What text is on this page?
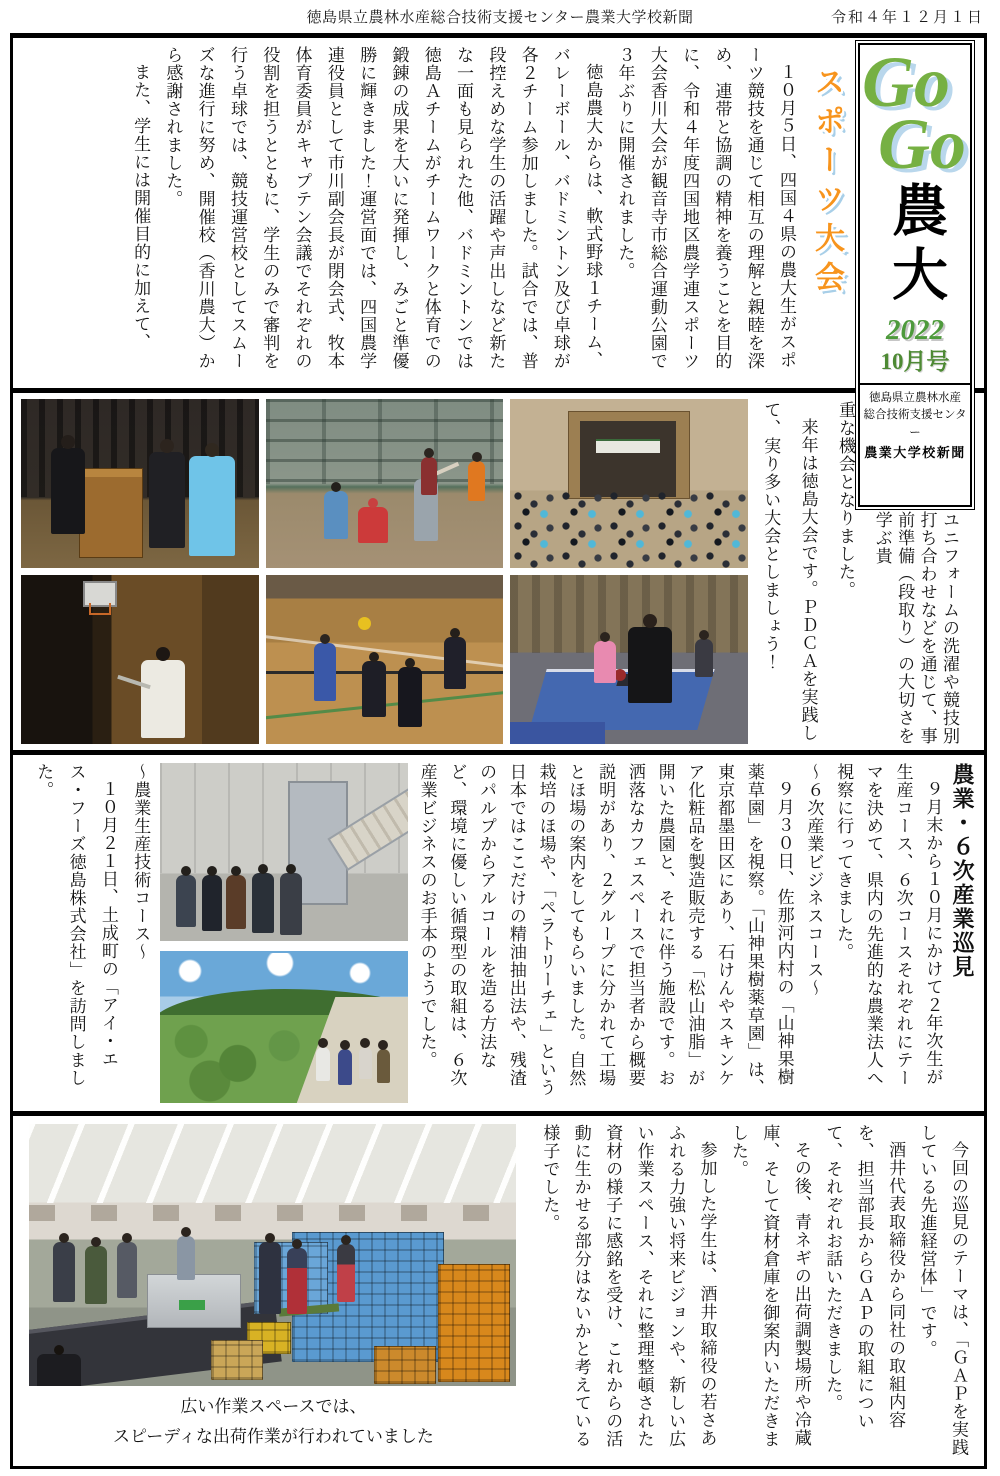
徳島県立農林水産総合技術支援センター農業大学校新聞	令和４年１２月１日
Go
Go
農大
2022
10月号
徳島県立農林水産
総合技術支援センター
農業大学校新聞

１０月５日、四国４県の農大生がスポーツ競技を通じて相互の理解と親睦を深め、連帯と協調の精神を養うことを目的に、令和４年度四国地区農学連スポーツ大会香川大会が観音寺市総合運動公園で３年ぶりに開催されました。

徳島農大からは、軟式野球１チーム、バレーボール、バドミントン及び卓球が各２チーム参加しました。試合では、普段控えめな学生の活躍や声出しなど新たな一面も見られた他、バドミントンでは徳島Ａチームがチームワークと体育での鍛錬の成果を大いに発揮し、みごと準優勝に輝きました！運営面では、四国農学連役員として市川副会長が閉会式、牧本体育委員がキャプテン会議でそれぞれの役割を担うとともに、学生のみで審判を行う卓球では、競技運営校としてスムーズな進行に努め、開催校（香川農大）から感謝されました。

また、学生には開催目的に加えて、	スポーツ大会

重な機会となりました。

来年は徳島大会です。ＰＤＣＡを実践して、実り多い大会としましょう！	ユニフォームの洗濯や競技別打ち合わせなどを通じて、事前準備（段取り）の大切さを学ぶ貴

～農業生産技術コース～

１０月２１日、土成町の「アイ・エス・フーズ徳島株式会社」を訪問しました。	農業・６次産業巡見

９月末から１０月にかけて２年次生が生産コース、６次コースそれぞれにテーマを決めて、県内の先進的な農業法人へ視察に行ってきました。

～６次産業ビジネスコース～

９月３０日、佐那河内村の「山神果樹薬草園」を視察。「山神果樹薬草園」は、東京都墨田区にあり、石けんやスキンケア化粧品を製造販売する「松山油脂」が開いた農園と、それに伴う施設です。お洒落なカフェスペースで担当者から概要説明があり、２グループに分かれて工場とほ場の案内をしてもらいました。自然栽培のほ場や、「ペラトリーチェ」という日本ではここだけの精油抽出法や、残渣のパルプからアルコールを造る方法など、環境に優しい循環型の取組は、６次産業ビジネスのお手本のようでした。

広い作業スペースでは、
スピーディな出荷作業が行われていました	今回の巡見のテーマは、「ＧＡＰを実践している先進経営体」です。

酒井代表取締役から同社の取組内容を、担当部長からＧＡＰの取組について、それぞれお話いただきました。

その後、青ネギの出荷調製場所や冷蔵庫、そして資材倉庫を御案内いただきました。

参加した学生は、酒井取締役の若さあふれる力強い将来ビジョンや、新しい広い作業スペース、それに整理整頓された資材の様子に感銘を受け、これからの活動に生かせる部分はないかと考えている様子でした。
